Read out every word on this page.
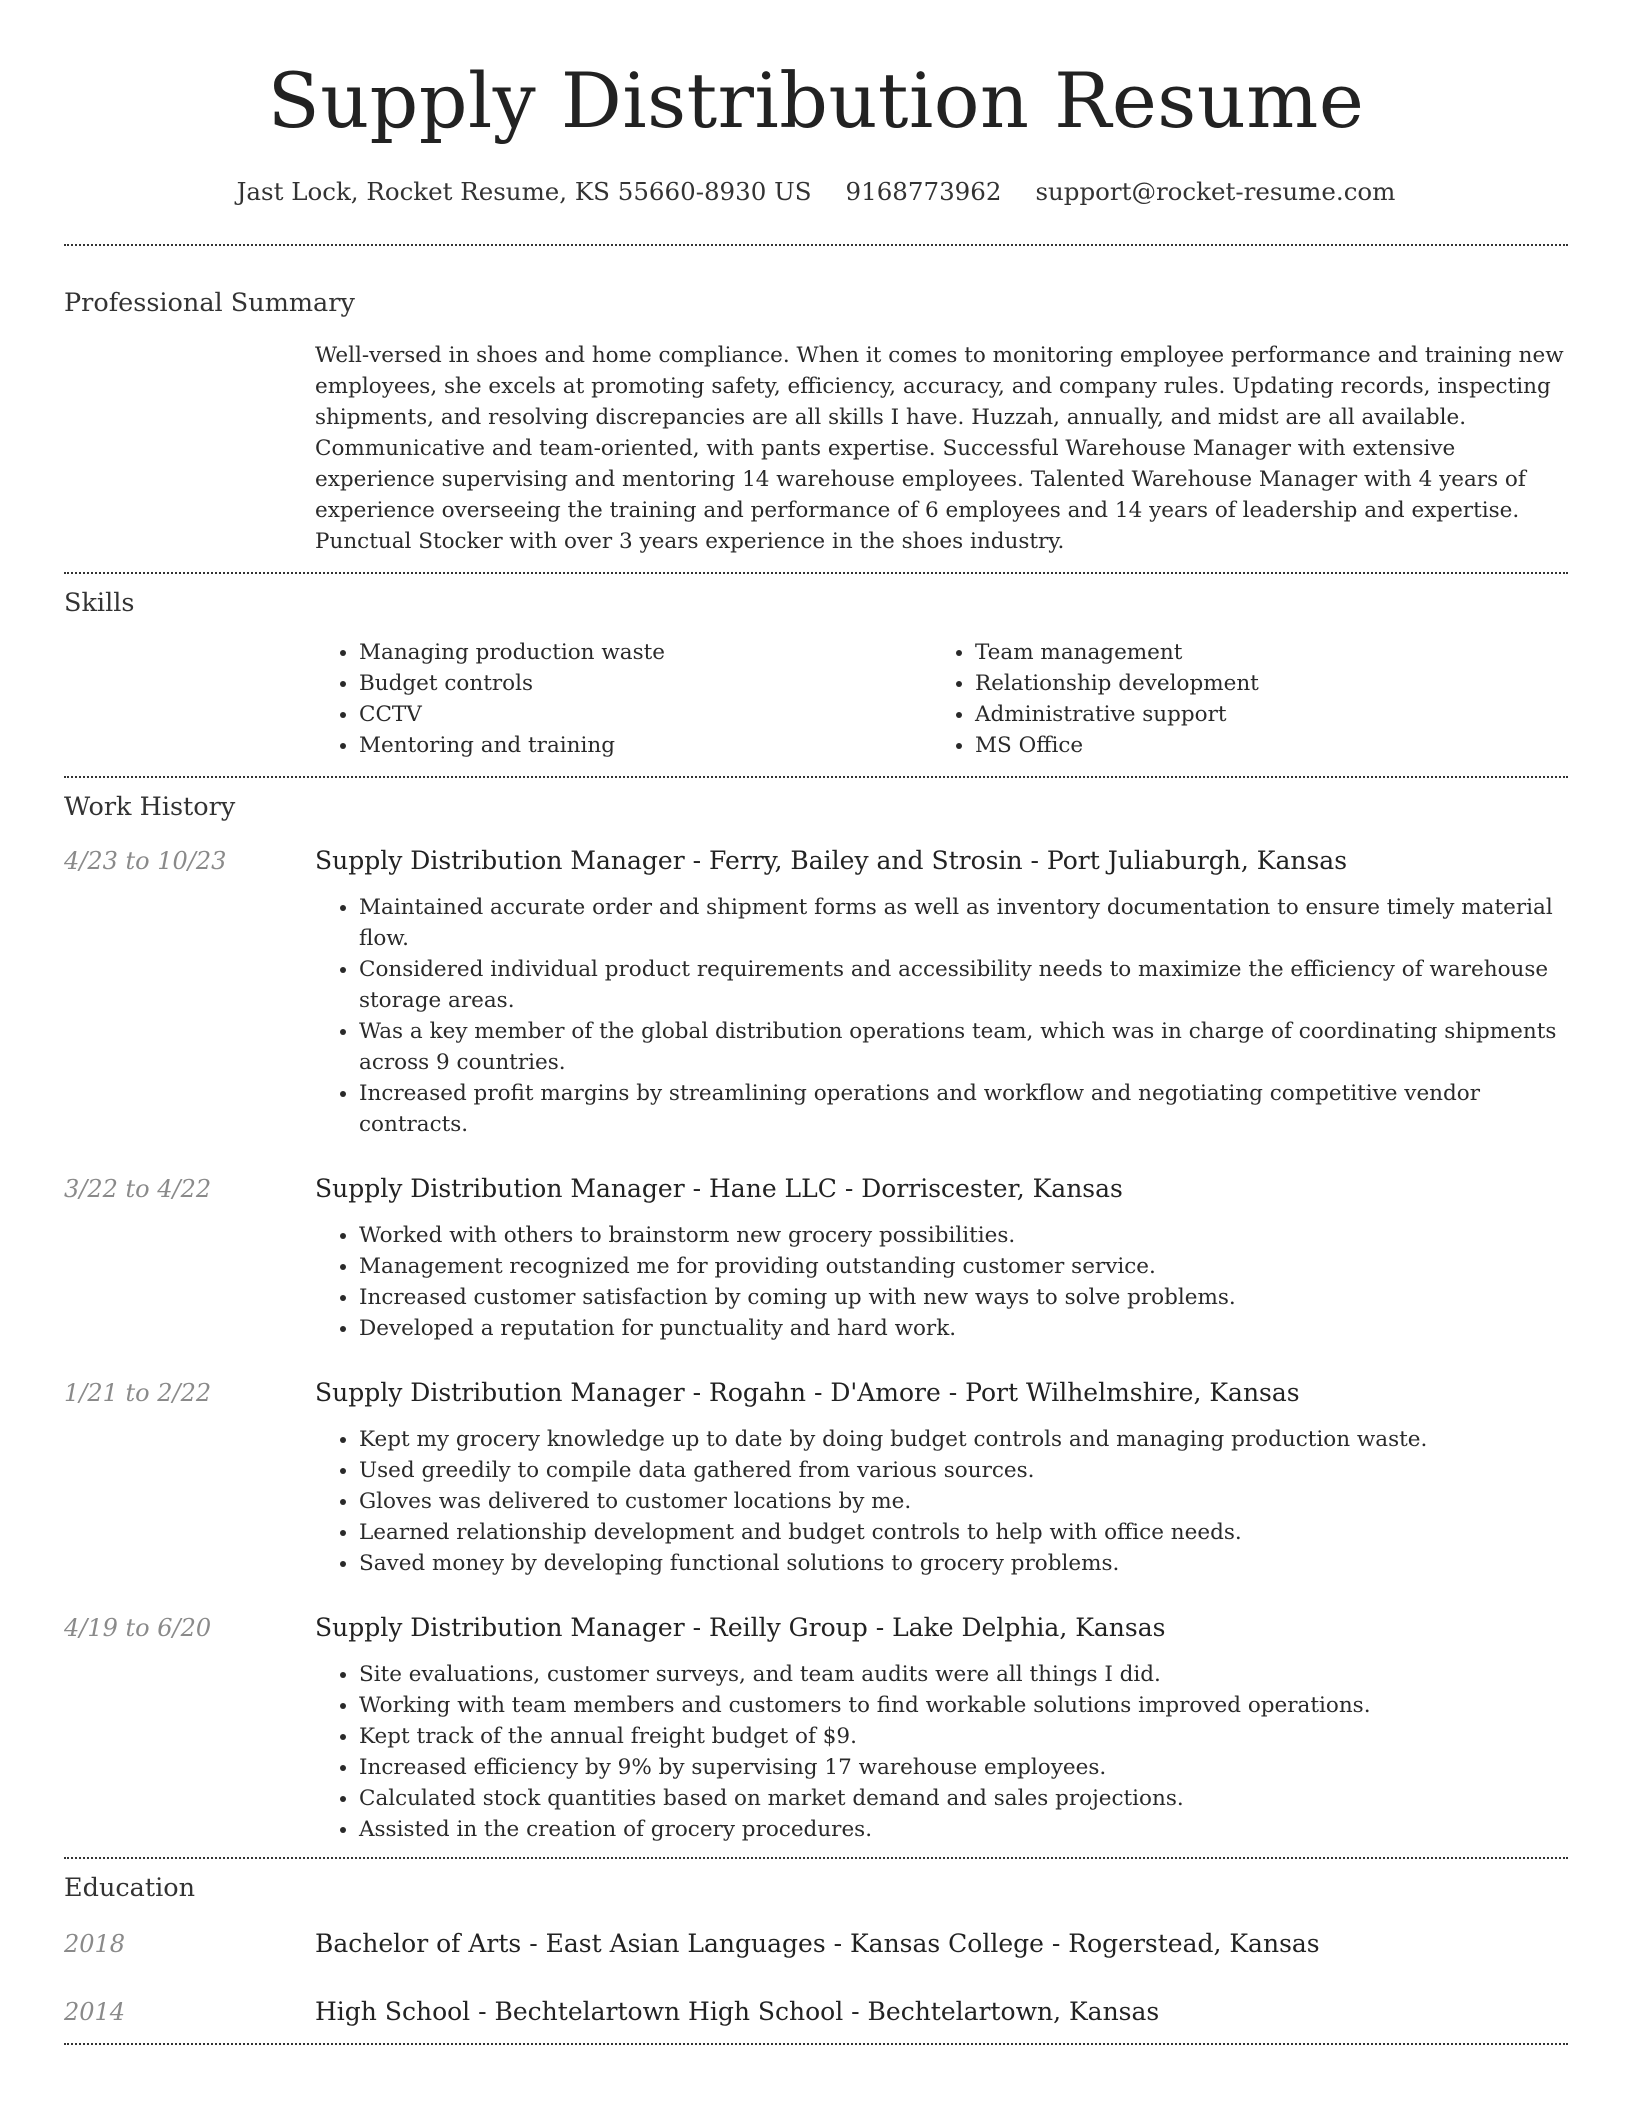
Supply Distribution Resume
Jast Lock, Rocket Resume, KS 55660-8930 US 9168773962 support@rocket-resume.com
Professional Summary
Well-versed in shoes and home compliance. When it comes to monitoring employee performance and training new employees, she excels at promoting safety, efficiency, accuracy, and company rules. Updating records, inspecting shipments, and resolving discrepancies are all skills I have. Huzzah, annually, and midst are all available. Communicative and team-oriented, with pants expertise. Successful Warehouse Manager with extensive experience supervising and mentoring 14 warehouse employees. Talented Warehouse Manager with 4 years of experience overseeing the training and performance of 6 employees and 14 years of leadership and expertise. Punctual Stocker with over 3 years experience in the shoes industry.
Skills
• Managing production waste
• Budget controls
• CCTV
• Mentoring and training
• Team management
• Relationship development
• Administrative support
• MS Office
Work History
4/23 to 10/23	Supply Distribution Manager - Ferry, Bailey and Strosin - Port Juliaburgh, Kansas
• Maintained accurate order and shipment forms as well as inventory documentation to ensure timely material flow.
• Considered individual product requirements and accessibility needs to maximize the efficiency of warehouse storage areas.
• Was a key member of the global distribution operations team, which was in charge of coordinating shipments across 9 countries.
• Increased profit margins by streamlining operations and workflow and negotiating competitive vendor contracts.
3/22 to 4/22	Supply Distribution Manager - Hane LLC - Dorriscester, Kansas
• Worked with others to brainstorm new grocery possibilities.
• Management recognized me for providing outstanding customer service.
• Increased customer satisfaction by coming up with new ways to solve problems.
• Developed a reputation for punctuality and hard work.
1/21 to 2/22	Supply Distribution Manager - Rogahn - D'Amore - Port Wilhelmshire, Kansas
• Kept my grocery knowledge up to date by doing budget controls and managing production waste.
• Used greedily to compile data gathered from various sources.
• Gloves was delivered to customer locations by me.
• Learned relationship development and budget controls to help with office needs.
• Saved money by developing functional solutions to grocery problems.
4/19 to 6/20	Supply Distribution Manager - Reilly Group - Lake Delphia, Kansas
• Site evaluations, customer surveys, and team audits were all things I did.
• Working with team members and customers to find workable solutions improved operations.
• Kept track of the annual freight budget of $9.
• Increased efficiency by 9% by supervising 17 warehouse employees.
• Calculated stock quantities based on market demand and sales projections.
• Assisted in the creation of grocery procedures.
Education
2018	Bachelor of Arts - East Asian Languages - Kansas College - Rogerstead, Kansas
2014	High School - Bechtelartown High School - Bechtelartown, Kansas
